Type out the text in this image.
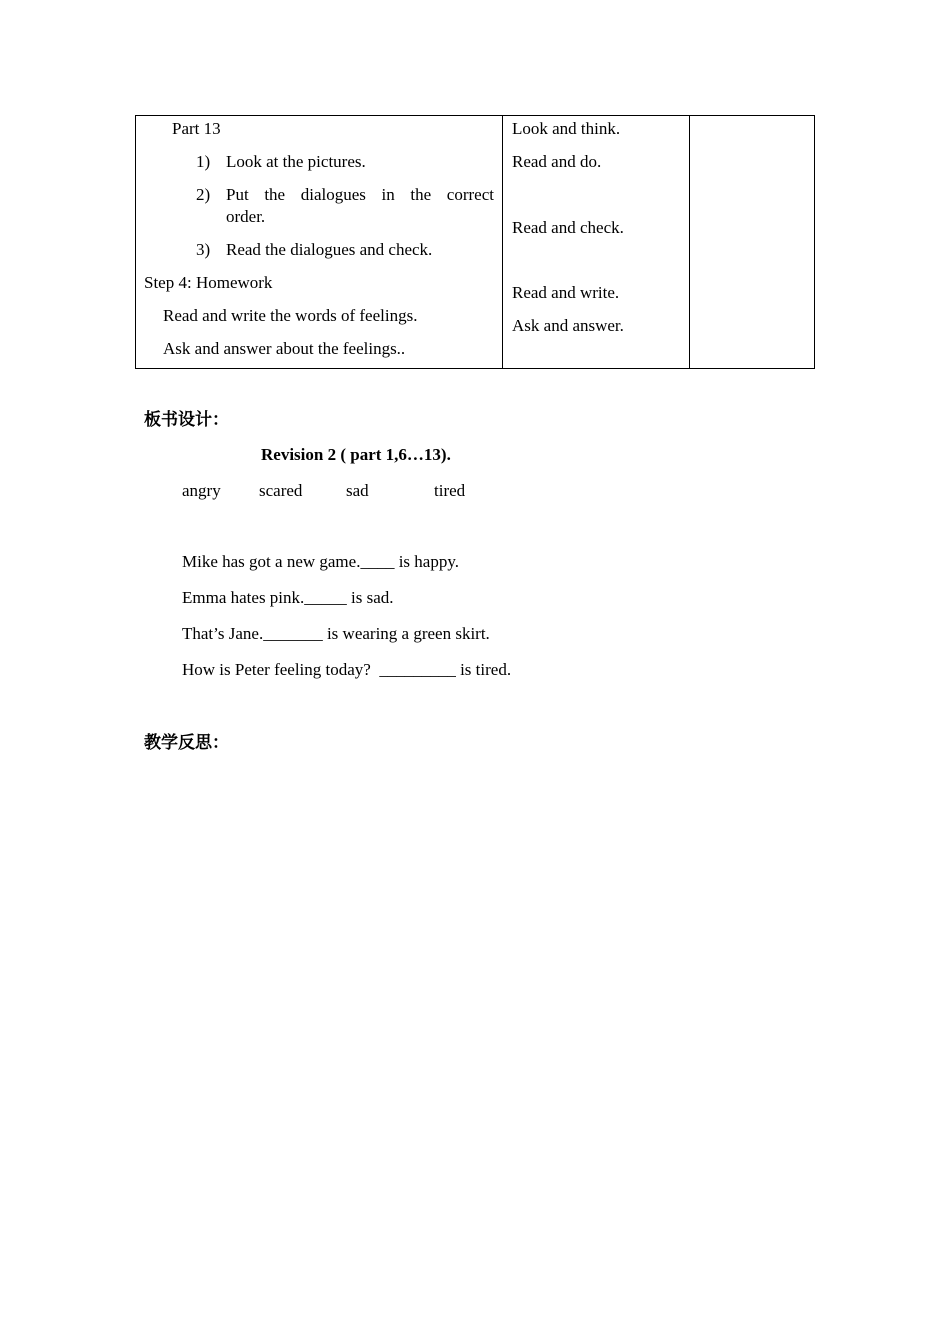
Part 13
1) Look at the pictures.
2) Put the dialogues in the correct
order.
3) Read the dialogues and check.
Step 4: Homework
Read and write the words of feelings.
Ask and answer about the feelings..
Look and think.
Read and do.
Read and check.
Read and write.
Ask and answer.
板书设计：
Revision 2 ( part 1,6…13).
angry scared	sad	tired
Mike has got a new game.____ is happy.
Emma hates pink._____ is sad.
That’s Jane._______ is wearing a green skirt.
How is Peter feeling today?  _________ is tired.
教学反思：
